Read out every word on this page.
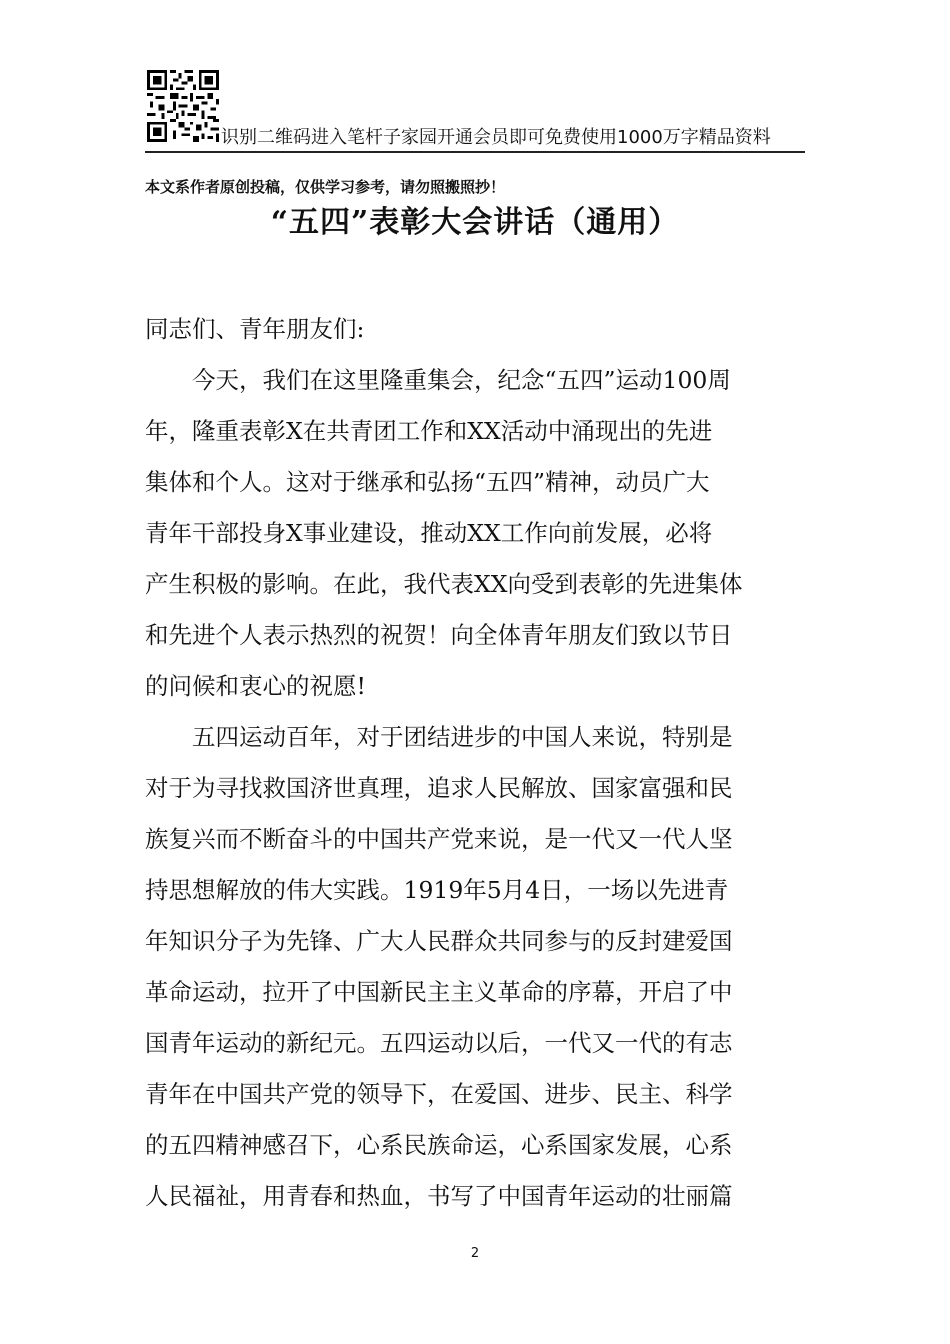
识别二维码进入笔杆子家园开通会员即可免费使用1000万字精品资料
本文系作者原创投稿，仅供学习参考，请勿照搬照抄！
“五四”表彰大会讲话（通用）

同志们、青年朋友们:

今天，我们在这里隆重集会，纪念“五四”运动100周
年，隆重表彰X在共青团工作和XX活动中涌现出的先进
集体和个人。这对于继承和弘扬“五四”精神，动员广大
青年干部投身X事业建设，推动XX工作向前发展，必将
产生积极的影响。在此，我代表XX向受到表彰的先进集体
和先进个人表示热烈的祝贺！向全体青年朋友们致以节日
的问候和衷心的祝愿!

五四运动百年，对于团结进步的中国人来说，特别是
对于为寻找救国济世真理，追求人民解放、国家富强和民
族复兴而不断奋斗的中国共产党来说，是一代又一代人坚
持思想解放的伟大实践。1919年5月4日，一场以先进青
年知识分子为先锋、广大人民群众共同参与的反封建爱国
革命运动，拉开了中国新民主主义革命的序幕，开启了中
国青年运动的新纪元。五四运动以后，一代又一代的有志
青年在中国共产党的领导下，在爱国、进步、民主、科学
的五四精神感召下，心系民族命运，心系国家发展，心系
人民福祉，用青春和热血，书写了中国青年运动的壮丽篇

2
